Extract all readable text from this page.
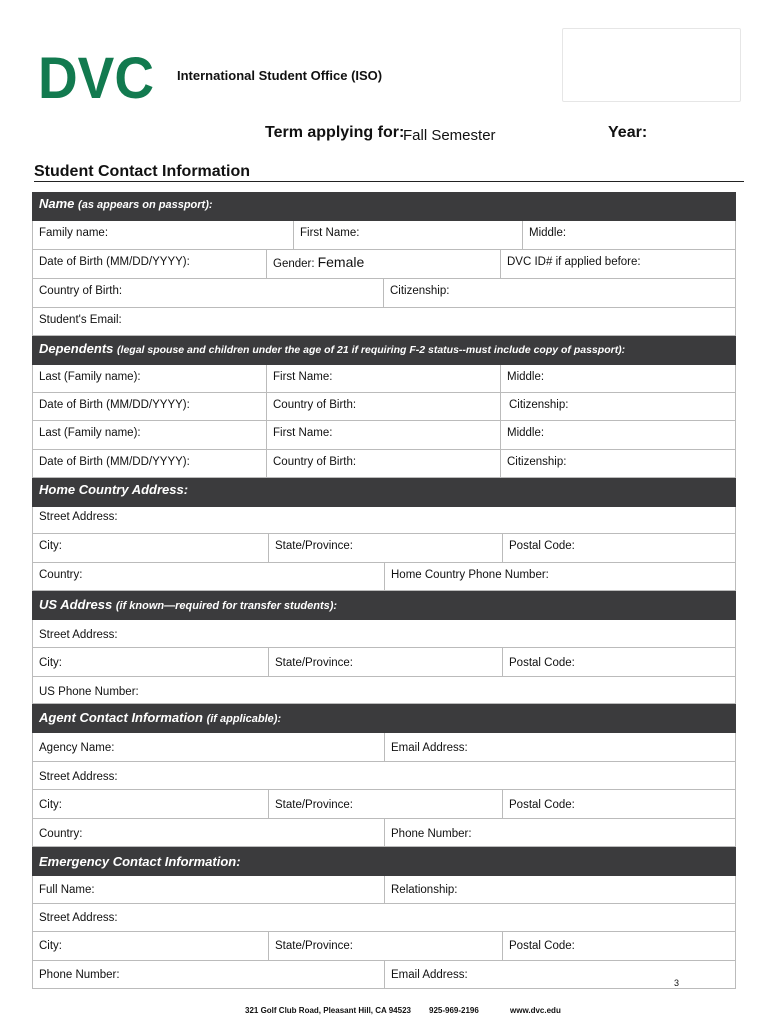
DVC International Student Office (ISO)
Term applying for:
Fall Semester	Year:
Student Contact Information
Name (as appears on passport):
Family name:	First Name:	Middle:
Date of Birth (MM/DD/YYYY):	Gender: Female	DVC ID# if applied before:
Country of Birth:	Citizenship:
Student's Email:
Dependents (legal spouse and children under the age of 21 if requiring F-2 status--must include copy of passport):
Last (Family name):	First Name:	Middle:
Date of Birth (MM/DD/YYYY):	Country of Birth:	Citizenship:
Last (Family name):	First Name:	Middle:
Date of Birth (MM/DD/YYYY):	Country of Birth:	Citizenship:
Home Country Address:
Street Address:
City:	State/Province:	Postal Code:
Country:	Home Country Phone Number:
US Address (if known—required for transfer students):
Street Address:
City:	State/Province:	Postal Code:
US Phone Number:
Agent Contact Information (if applicable):
Agency Name:	Email Address:
Street Address:
City:	State/Province:	Postal Code:
Country:	Phone Number:
Emergency Contact Information:
Full Name:	Relationship:
Street Address:
City:	State/Province:	Postal Code:
Phone Number:	Email Address:
3
321 Golf Club Road, Pleasant Hill, CA 94523 925-969-2196	www.dvc.edu
